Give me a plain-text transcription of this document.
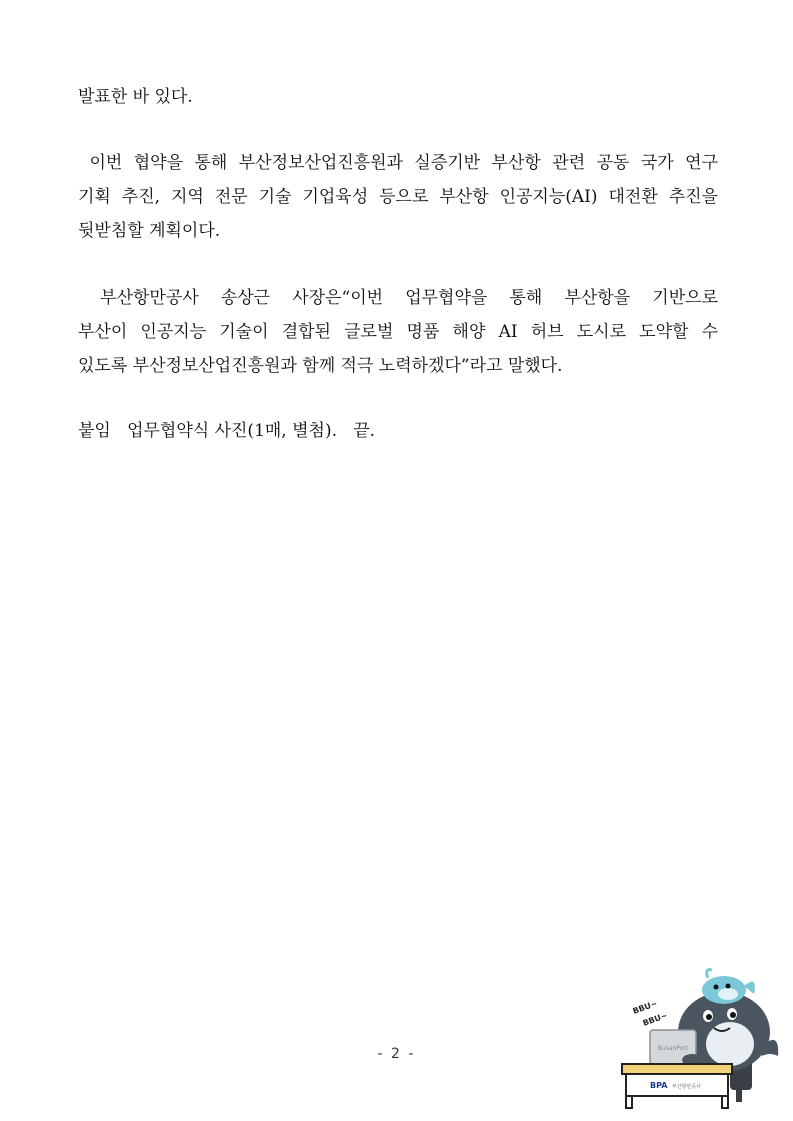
발표한 바 있다.

이번 협약을 통해 부산정보산업진흥원과 실증기반 부산항 관련 공동 국가 연구
기획 추진, 지역 전문 기술 기업육성 등으로 부산항 인공지능(AI) 대전환 추진을
뒷받침할 계획이다.

부산항만공사 송상근 사장은“이번 업무협약을 통해 부산항을 기반으로
부산이 인공지능 기술이 결합된 글로벌 명품 해양 AI 허브 도시로 도약할 수
있도록 부산정보산업진흥원과 함께 적극 노력하겠다”라고 말했다.

붙임 업무협약식 사진(1매, 별첨). 끝.
- 2 -	BusanPort
BPA 부산항만공사
BBU~
BBU~
